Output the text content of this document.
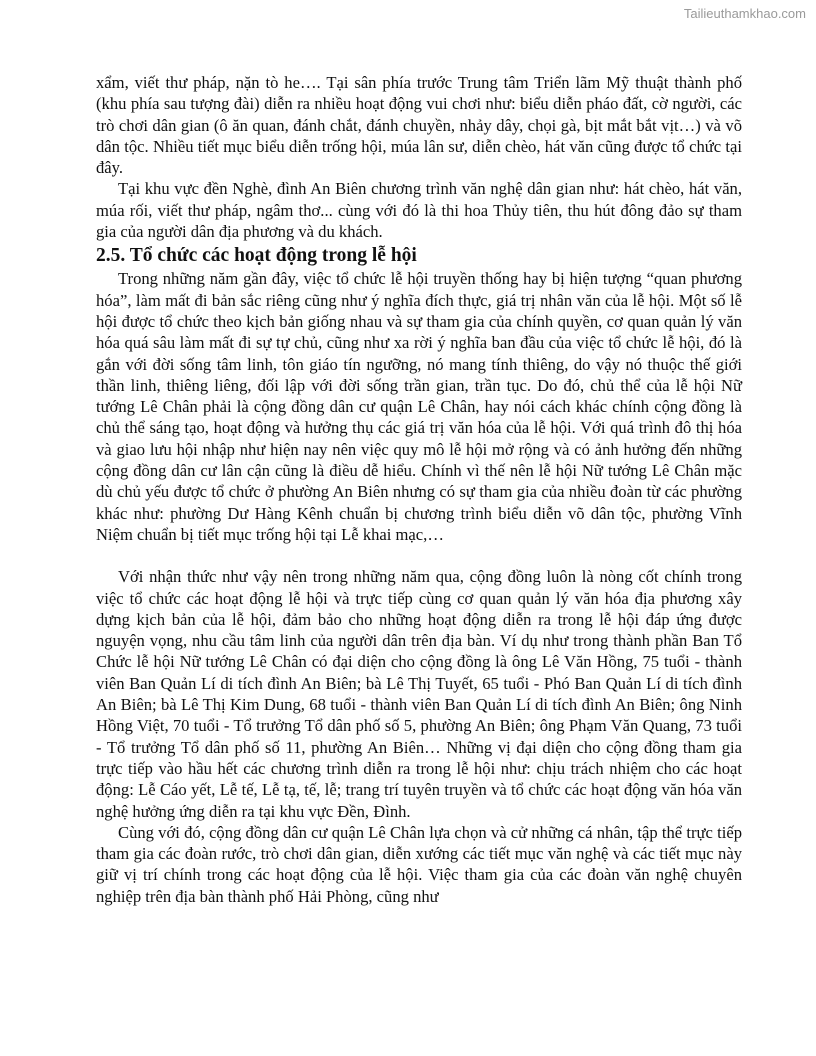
Tailieuthamkhao.com

xẩm, viết thư pháp, nặn tò he…. Tại sân phía trước Trung tâm Triển lãm Mỹ thuật thành phố (khu phía sau tượng đài) diễn ra nhiều hoạt động vui chơi như: biểu diễn pháo đất, cờ người, các trò chơi dân gian (ô ăn quan, đánh chắt, đánh chuyền, nhảy dây, chọi gà, bịt mắt bắt vịt…) và võ dân tộc. Nhiều tiết mục biểu diễn trống hội, múa lân sư, diễn chèo, hát văn cũng được tổ chức tại đây.

Tại khu vực đền Nghè, đình An Biên chương trình văn nghệ dân gian như: hát chèo, hát văn, múa rối, viết thư pháp, ngâm thơ... cùng với đó là thi hoa Thủy tiên, thu hút đông đảo sự tham gia của người dân địa phương và du khách.

2.5. Tổ chức các hoạt động trong lễ hội

Trong những năm gần đây, việc tổ chức lễ hội truyền thống hay bị hiện tượng “quan phương hóa”, làm mất đi bản sắc riêng cũng như ý nghĩa đích thực, giá trị nhân văn của lễ hội. Một số lễ hội được tổ chức theo kịch bản giống nhau và sự tham gia của chính quyền, cơ quan quản lý văn hóa quá sâu làm mất đi sự tự chủ, cũng như xa rời ý nghĩa ban đầu của việc tổ chức lễ hội, đó là gắn với đời sống tâm linh, tôn giáo tín ngưỡng, nó mang tính thiêng, do vậy nó thuộc thế giới thần linh, thiêng liêng, đối lập với đời sống trần gian, trần tục. Do đó, chủ thể của lễ hội Nữ tướng Lê Chân phải là cộng đồng dân cư quận Lê Chân, hay nói cách khác chính cộng đồng là chủ thể sáng tạo, hoạt động và hưởng thụ các giá trị văn hóa của lễ hội. Với quá trình đô thị hóa và giao lưu hội nhập như hiện nay nên việc quy mô lễ hội mở rộng và có ảnh hưởng đến những cộng đồng dân cư lân cận cũng là điều dễ hiểu. Chính vì thế nên lễ hội Nữ tướng Lê Chân mặc dù chủ yếu được tổ chức ở phường An Biên nhưng có sự tham gia của nhiều đoàn từ các phường khác như: phường Dư Hàng Kênh chuẩn bị chương trình biểu diễn võ dân tộc, phường Vĩnh Niệm chuẩn bị tiết mục trống hội tại Lễ khai mạc,…

Với nhận thức như vậy nên trong những năm qua, cộng đồng luôn là nòng cốt chính trong việc tổ chức các hoạt động lễ hội và trực tiếp cùng cơ quan quản lý văn hóa địa phương xây dựng kịch bản của lễ hội, đảm bảo cho những hoạt động diễn ra trong lễ hội đáp ứng được nguyện vọng, nhu cầu tâm linh của người dân trên địa bàn. Ví dụ như trong thành phần Ban Tổ Chức lễ hội Nữ tướng Lê Chân có đại diện cho cộng đồng là ông Lê Văn Hồng, 75 tuổi - thành viên Ban Quản Lí di tích đình An Biên; bà Lê Thị Tuyết, 65 tuổi - Phó Ban Quản Lí di tích đình An Biên; bà Lê Thị Kim Dung, 68 tuổi - thành viên Ban Quản Lí di tích đình An Biên; ông Ninh Hồng Việt, 70 tuổi - Tổ trưởng Tổ dân phố số 5, phường An Biên; ông Phạm Văn Quang, 73 tuổi - Tổ trưởng Tổ dân phố số 11, phường An Biên… Những vị đại diện cho cộng đồng tham gia trực tiếp vào hầu hết các chương trình diễn ra trong lễ hội như: chịu trách nhiệm cho các hoạt động: Lễ Cáo yết, Lễ tế, Lễ tạ, tế, lễ; trang trí tuyên truyền và tổ chức các hoạt động văn hóa văn nghệ hưởng ứng diễn ra tại khu vực Đền, Đình.

Cùng với đó, cộng đồng dân cư quận Lê Chân lựa chọn và cử những cá nhân, tập thể trực tiếp tham gia các đoàn rước, trò chơi dân gian, diễn xướng các tiết mục văn nghệ và các tiết mục này giữ vị trí chính trong các hoạt động của lễ hội. Việc tham gia của các đoàn văn nghệ chuyên nghiệp trên địa bàn thành phố Hải Phòng, cũng như
